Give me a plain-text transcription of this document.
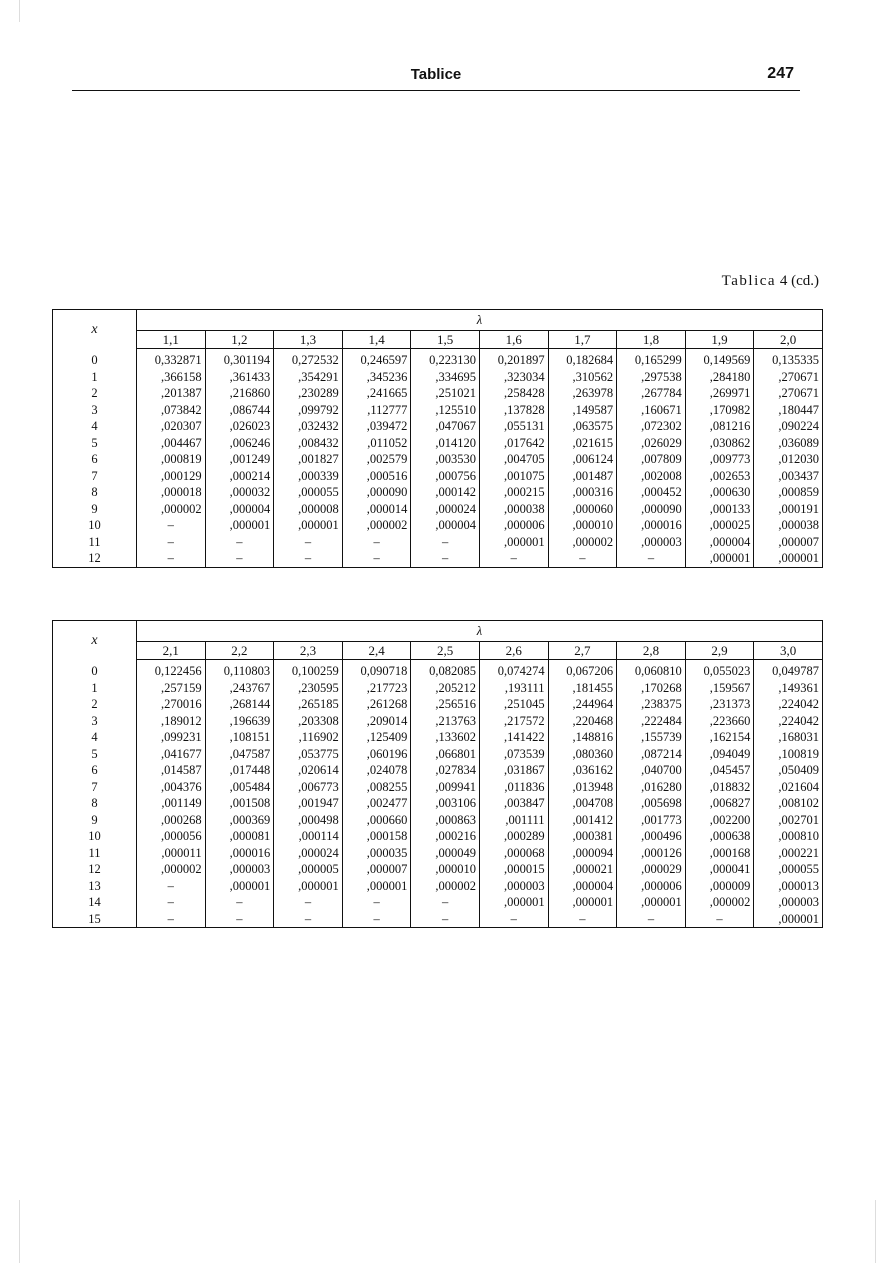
Tablice	247
Tablica 4 (cd.)
x	λ									
	1,1	1,2	1,3	1,4	1,5	1,6	1,7	1,8	1,9	2,0
0	0,332871	0,301194	0,272532	0,246597	0,223130	0,201897	0,182684	0,165299	0,149569	0,135335
1	,366158	,361433	,354291	,345236	,334695	,323034	,310562	,297538	,284180	,270671
2	,201387	,216860	,230289	,241665	,251021	,258428	,263978	,267784	,269971	,270671
3	,073842	,086744	,099792	,112777	,125510	,137828	,149587	,160671	,170982	,180447
4	,020307	,026023	,032432	,039472	,047067	,055131	,063575	,072302	,081216	,090224
5	,004467	,006246	,008432	,011052	,014120	,017642	,021615	,026029	,030862	,036089
6	,000819	,001249	,001827	,002579	,003530	,004705	,006124	,007809	,009773	,012030
7	,000129	,000214	,000339	,000516	,000756	,001075	,001487	,002008	,002653	,003437
8	,000018	,000032	,000055	,000090	,000142	,000215	,000316	,000452	,000630	,000859
9	,000002	,000004	,000008	,000014	,000024	,000038	,000060	,000090	,000133	,000191
10	–	,000001	,000001	,000002	,000004	,000006	,000010	,000016	,000025	,000038
11	–	–	–	–	–	,000001	,000002	,000003	,000004	,000007
12	–	–	–	–	–	–	–	–	,000001	,000001
x	λ									
	2,1	2,2	2,3	2,4	2,5	2,6	2,7	2,8	2,9	3,0
0	0,122456	0,110803	0,100259	0,090718	0,082085	0,074274	0,067206	0,060810	0,055023	0,049787
1	,257159	,243767	,230595	,217723	,205212	,193111	,181455	,170268	,159567	,149361
2	,270016	,268144	,265185	,261268	,256516	,251045	,244964	,238375	,231373	,224042
3	,189012	,196639	,203308	,209014	,213763	,217572	,220468	,222484	,223660	,224042
4	,099231	,108151	,116902	,125409	,133602	,141422	,148816	,155739	,162154	,168031
5	,041677	,047587	,053775	,060196	,066801	,073539	,080360	,087214	,094049	,100819
6	,014587	,017448	,020614	,024078	,027834	,031867	,036162	,040700	,045457	,050409
7	,004376	,005484	,006773	,008255	,009941	,011836	,013948	,016280	,018832	,021604
8	,001149	,001508	,001947	,002477	,003106	,003847	,004708	,005698	,006827	,008102
9	,000268	,000369	,000498	,000660	,000863	,001111	,001412	,001773	,002200	,002701
10	,000056	,000081	,000114	,000158	,000216	,000289	,000381	,000496	,000638	,000810
11	,000011	,000016	,000024	,000035	,000049	,000068	,000094	,000126	,000168	,000221
12	,000002	,000003	,000005	,000007	,000010	,000015	,000021	,000029	,000041	,000055
13	–	,000001	,000001	,000001	,000002	,000003	,000004	,000006	,000009	,000013
14	–	–	–	–	–	,000001	,000001	,000001	,000002	,000003
15	–	–	–	–	–	–	–	–	–	,000001
